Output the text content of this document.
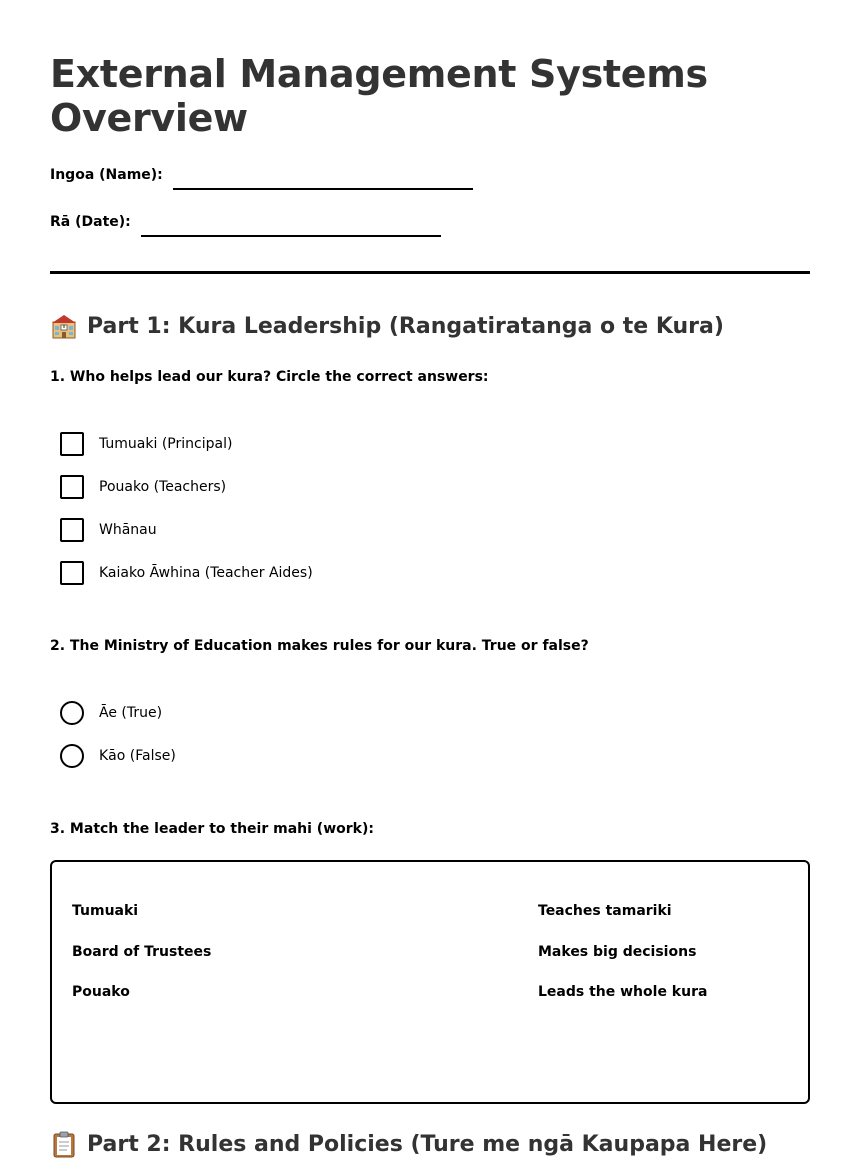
External Management Systems Overview
Ingoa (Name):
Rā (Date):
Part 1: Kura Leadership (Rangatiratanga o te Kura)

1. Who helps lead our kura? Circle the correct answers:

Tumuaki (Principal)
Pouako (Teachers)
Whānau
Kaiako Āwhina (Teacher Aides)

2. The Ministry of Education makes rules for our kura. True or false?

Āe (True)
Kāo (False)

3. Match the leader to their mahi (work):

Tumuaki
Board of Trustees
Pouako
Teaches tamariki
Makes big decisions
Leads the whole kura
Part 2: Rules and Policies (Ture me ngā Kaupapa Here)
